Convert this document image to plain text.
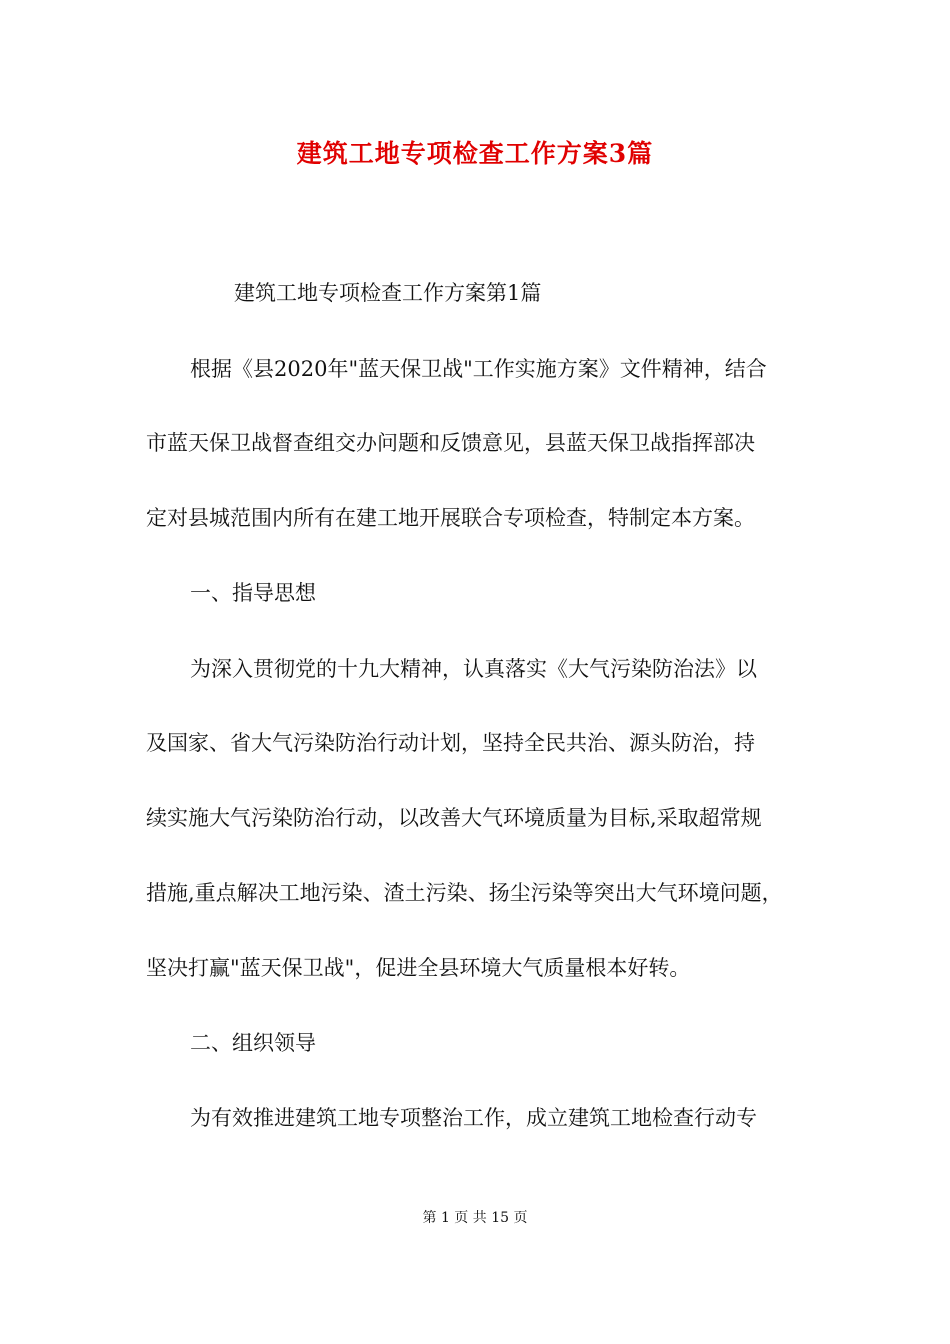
建筑工地专项检查工作方案3篇
建筑工地专项检查工作方案第1篇
根据《县2020年"蓝天保卫战"工作实施方案》文件精神，结合
市蓝天保卫战督查组交办问题和反馈意见，县蓝天保卫战指挥部决
定对县城范围内所有在建工地开展联合专项检查，特制定本方案。
一、指导思想
为深入贯彻党的十九大精神，认真落实《大气污染防治法》以
及国家、省大气污染防治行动计划，坚持全民共治、源头防治，持
续实施大气污染防治行动，以改善大气环境质量为目标,采取超常规
措施,重点解决工地污染、渣土污染、扬尘污染等突出大气环境问题，
坚决打赢"蓝天保卫战"，促进全县环境大气质量根本好转。
二、组织领导
为有效推进建筑工地专项整治工作，成立建筑工地检查行动专
第 1 页 共 15 页
